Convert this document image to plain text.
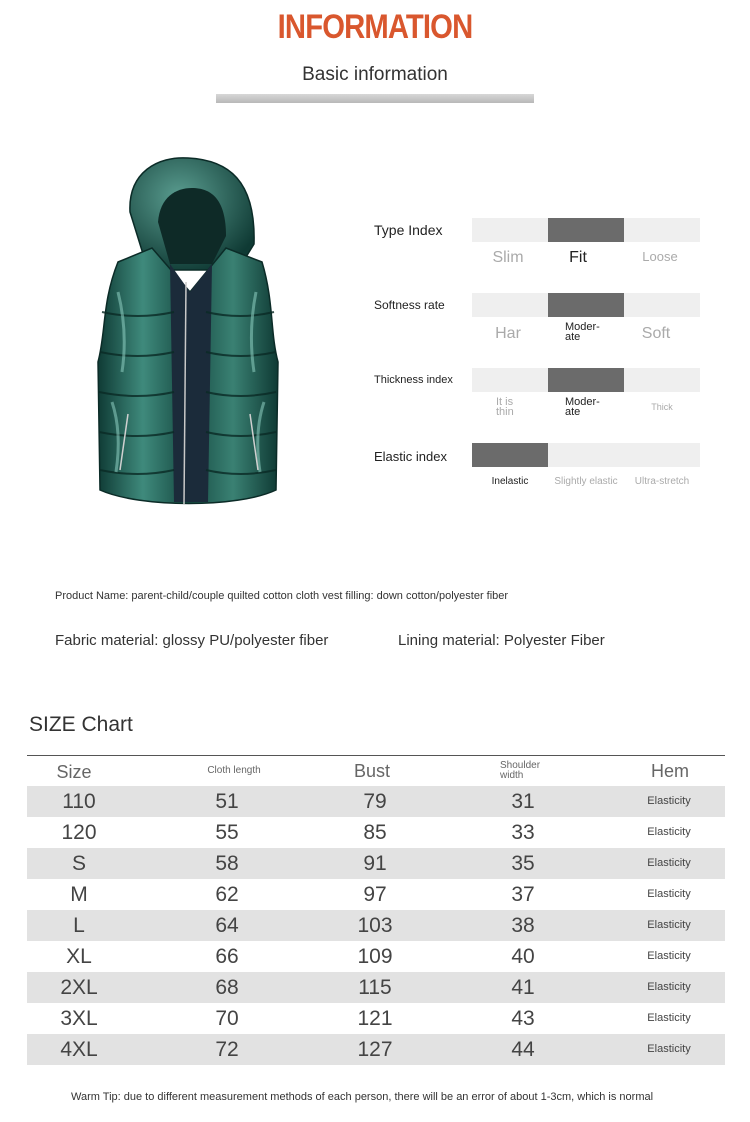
INFORMATION
Basic information
Type Index
Slim	Fit	Loose
Softness rate
Har	Moder-
ate	Soft
Thickness index
It is
thin
Moder-
ate	Thick
Elastic index
Inelastic	Slightly elastic	Ultra-stretch
Product Name: parent-child/couple quilted cotton cloth vest filling: down cotton/polyester fiber
Fabric material: glossy PU/polyester fiber	Lining material: Polyester Fiber
SIZE Chart
Size	Cloth length	Bust	Shoulder
width	Hem
110	51	79	31	Elasticity
120	55	85	33	Elasticity
S	58	91	35	Elasticity
M	62	97	37	Elasticity
L	64	103	38	Elasticity
XL	66	109	40	Elasticity
2XL	68	115	41	Elasticity
3XL	70	121	43	Elasticity
4XL	72	127	44	Elasticity
Warm Tip: due to different measurement methods of each person, there will be an error of about 1-3cm, which is normal
